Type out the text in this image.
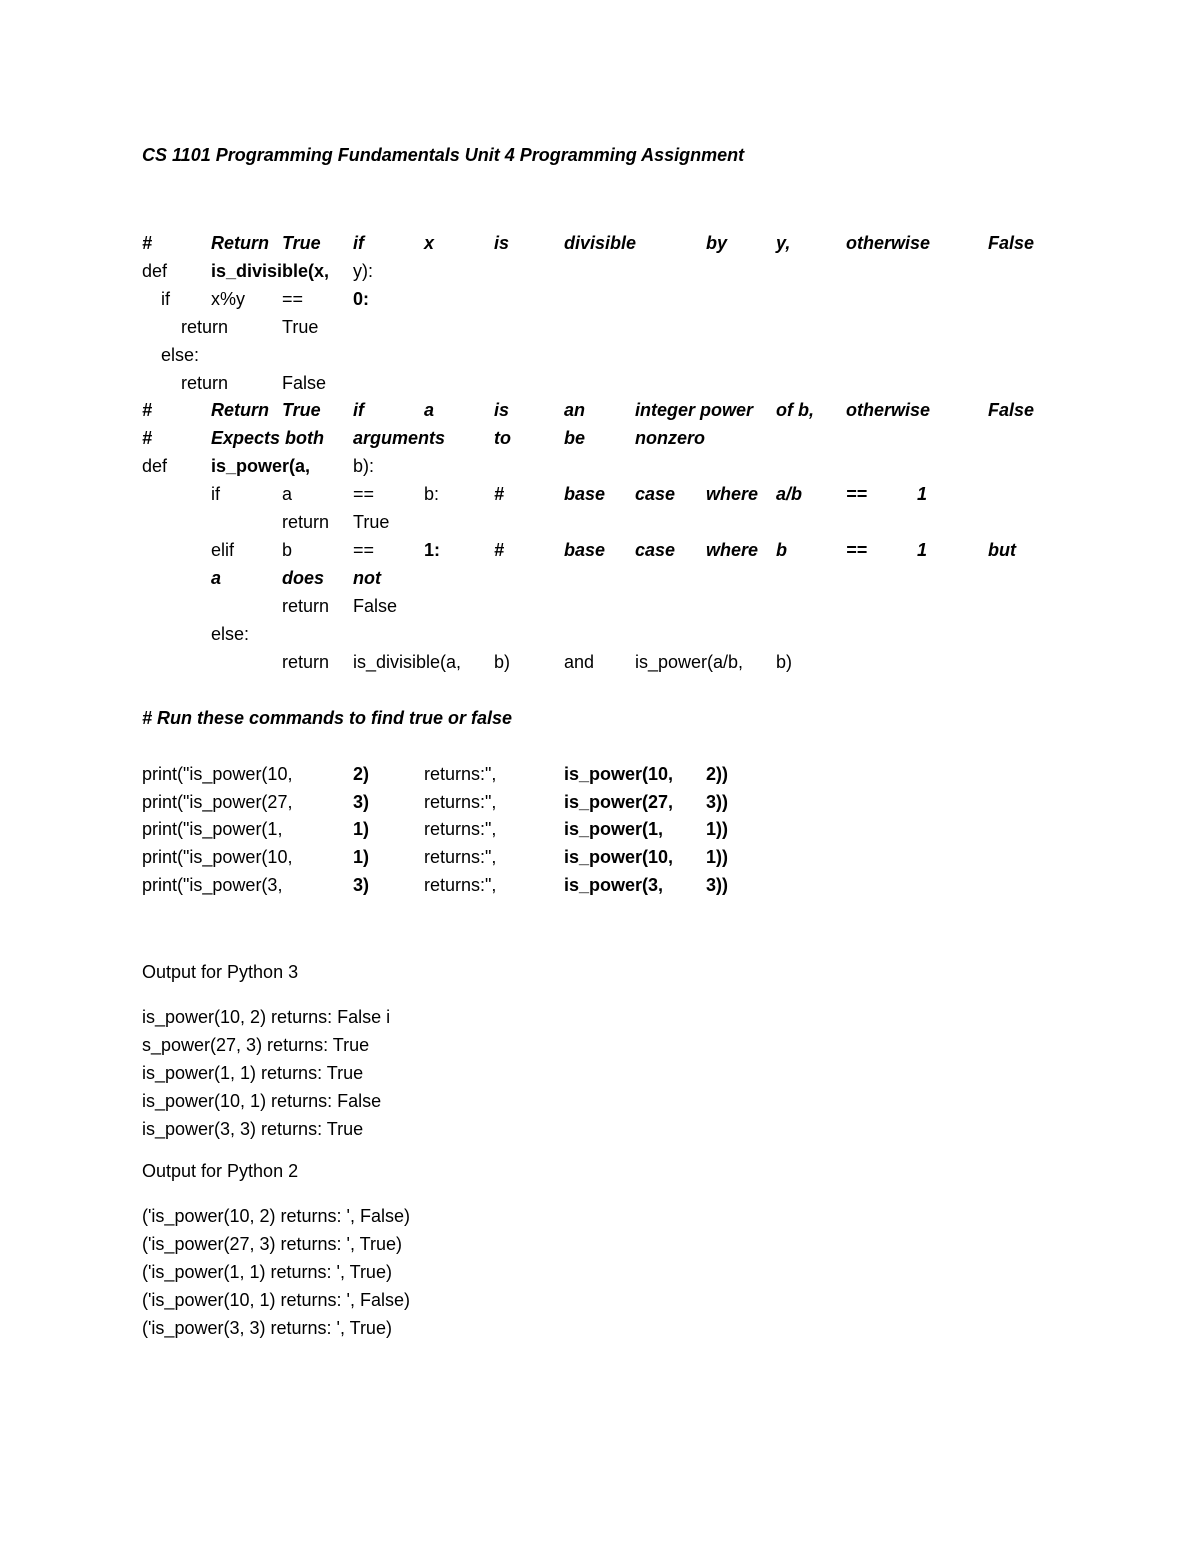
CS 1101 Programming Fundamentals Unit 4 Programming Assignment
#	Return True if	x	is	divisible	by	y,	otherwise	False
def is_divisible(x, y):
if x%y ==	0:
return	True
else:
return	False
#	Return True if	a	is	an	integer power of b, otherwise	False
#	Expects both arguments	to	be	nonzero
def is_power(a, b):
if	a	==	b:	#	base case where a/b ==	1
return True
elif	b	==	1:	#	base case where b	==	1	but
a	does not
return False
else:
return is_divisible(a, b)	and is_power(a/b, b)
# Run these commands to find true or false
print("is_power(10,	2)	returns:",	is_power(10, 2))
print("is_power(27,	3)	returns:",	is_power(27, 3))
print("is_power(1,	1)	returns:",	is_power(1, 1))
print("is_power(10,	1)	returns:",	is_power(10, 1))
print("is_power(3,	3)	returns:",	is_power(3, 3))
Output for Python 3
is_power(10, 2) returns: False i
s_power(27, 3) returns: True
is_power(1, 1) returns: True
is_power(10, 1) returns: False
is_power(3, 3) returns: True
Output for Python 2
('is_power(10, 2) returns: ', False)
('is_power(27, 3) returns: ', True)
('is_power(1, 1) returns: ', True)
('is_power(10, 1) returns: ', False)
('is_power(3, 3) returns: ', True)
